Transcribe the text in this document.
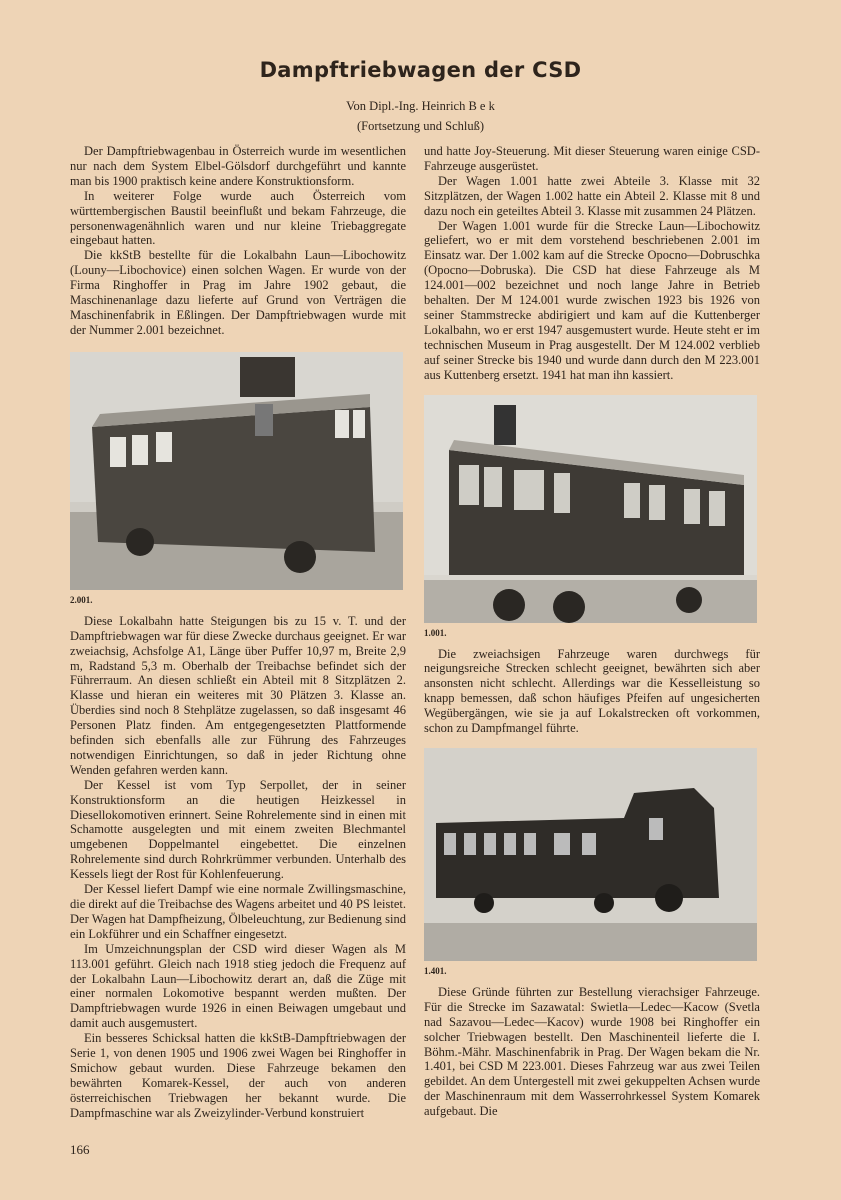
Dampftriebwagen der CSD
Von Dipl.-Ing. Heinrich B e k
(Fortsetzung und Schluß)

Der Dampftriebwagenbau in Österreich wurde im wesentlichen nur nach dem System Elbel-Gölsdorf durchgeführt und kannte man bis 1900 praktisch keine andere Konstruktionsform.

In weiterer Folge wurde auch Österreich vom württembergischen Baustil beeinflußt und bekam Fahrzeuge, die personenwagenähnlich waren und nur kleine Triebaggregate eingebaut hatten.

Die kkStB bestellte für die Lokalbahn Laun—Libochowitz (Louny—Libochovice) einen solchen Wagen. Er wurde von der Firma Ringhoffer in Prag im Jahre 1902 gebaut, die Maschinenanlage dazu lieferte auf Grund von Verträgen die Maschinenfabrik in Eßlingen. Der Dampftriebwagen wurde mit der Nummer 2.001 bezeichnet.

2.001.

Diese Lokalbahn hatte Steigungen bis zu 15 v. T. und der Dampftriebwagen war für diese Zwecke durchaus geeignet. Er war zweiachsig, Achsfolge A1, Länge über Puffer 10,97 m, Breite 2,9 m, Radstand 5,3 m. Oberhalb der Treibachse befindet sich der Führerraum. An diesen schließt ein Abteil mit 8 Sitzplätzen 2. Klasse und hieran ein weiteres mit 30 Plätzen 3. Klasse an. Überdies sind noch 8 Stehplätze zugelassen, so daß insgesamt 46 Personen Platz finden. Am entgegengesetzten Plattformende befinden sich ebenfalls alle zur Führung des Fahrzeuges notwendigen Einrichtungen, so daß in jeder Richtung ohne Wenden gefahren werden kann.

Der Kessel ist vom Typ Serpollet, der in seiner Konstruktionsform an die heutigen Heizkessel in Diesellokomotiven erinnert. Seine Rohrelemente sind in einen mit Schamotte ausgelegten und mit einem zweiten Blechmantel umgebenen Doppelmantel eingebettet. Die einzelnen Rohrelemente sind durch Rohrkrümmer verbunden. Unterhalb des Kessels liegt der Rost für Kohlenfeuerung.

Der Kessel liefert Dampf wie eine normale Zwillingsmaschine, die direkt auf die Treibachse des Wagens arbeitet und 40 PS leistet. Der Wagen hat Dampfheizung, Ölbeleuchtung, zur Bedienung sind ein Lokführer und ein Schaffner eingesetzt.

Im Umzeichnungsplan der CSD wird dieser Wagen als M 113.001 geführt. Gleich nach 1918 stieg jedoch die Frequenz auf der Lokalbahn Laun—Libochowitz derart an, daß die Züge mit einer normalen Lokomotive bespannt werden mußten. Der Dampftriebwagen wurde 1926 in einen Beiwagen umgebaut und damit auch ausgemustert.

Ein besseres Schicksal hatten die kkStB-Dampftriebwagen der Serie 1, von denen 1905 und 1906 zwei Wagen bei Ringhoffer in Smichow gebaut wurden. Diese Fahrzeuge bekamen den bewährten Komarek-Kessel, der auch von anderen österreichischen Triebwagen her bekannt wurde. Die Dampfmaschine war als Zweizylinder-Verbund konstruiert

166

und hatte Joy-Steuerung. Mit dieser Steuerung waren einige CSD-Fahrzeuge ausgerüstet.

Der Wagen 1.001 hatte zwei Abteile 3. Klasse mit 32 Sitzplätzen, der Wagen 1.002 hatte ein Abteil 2. Klasse mit 8 und dazu noch ein geteiltes Abteil 3. Klasse mit zusammen 24 Plätzen.

Der Wagen 1.001 wurde für die Strecke Laun—Libochowitz geliefert, wo er mit dem vorstehend beschriebenen 2.001 im Einsatz war. Der 1.002 kam auf die Strecke Opocno—Dobruschka (Opocno—Dobruska). Die CSD hat diese Fahrzeuge als M 124.001—002 bezeichnet und noch lange Jahre in Betrieb behalten. Der M 124.001 wurde zwischen 1923 bis 1926 von seiner Stammstrecke abdirigiert und kam auf die Kuttenberger Lokalbahn, wo er erst 1947 ausgemustert wurde. Heute steht er im technischen Museum in Prag ausgestellt. Der M 124.002 verblieb auf seiner Strecke bis 1940 und wurde dann durch den M 223.001 aus Kuttenberg ersetzt. 1941 hat man ihn kassiert.

1.001.

Die zweiachsigen Fahrzeuge waren durchwegs für neigungsreiche Strecken schlecht geeignet, bewährten sich aber ansonsten nicht schlecht. Allerdings war die Kesselleistung so knapp bemessen, daß schon häufiges Pfeifen auf ungesicherten Wegübergängen, wie sie ja auf Lokalstrecken oft vorkommen, schon zu Dampfmangel führte.

1.401.

Diese Gründe führten zur Bestellung vierachsiger Fahrzeuge. Für die Strecke im Sazawatal: Swietla—Ledec—Kacow (Svetla nad Sazavou—Ledec—Kacov) wurde 1908 bei Ringhoffer ein solcher Triebwagen bestellt. Den Maschinenteil lieferte die I. Böhm.-Mähr. Maschinenfabrik in Prag. Der Wagen bekam die Nr. 1.401, bei CSD M 223.001. Dieses Fahrzeug war aus zwei Teilen gebildet. An dem Untergestell mit zwei gekuppelten Achsen wurde der Maschinenraum mit dem Wasserrohrkessel System Komarek aufgebaut. Die
